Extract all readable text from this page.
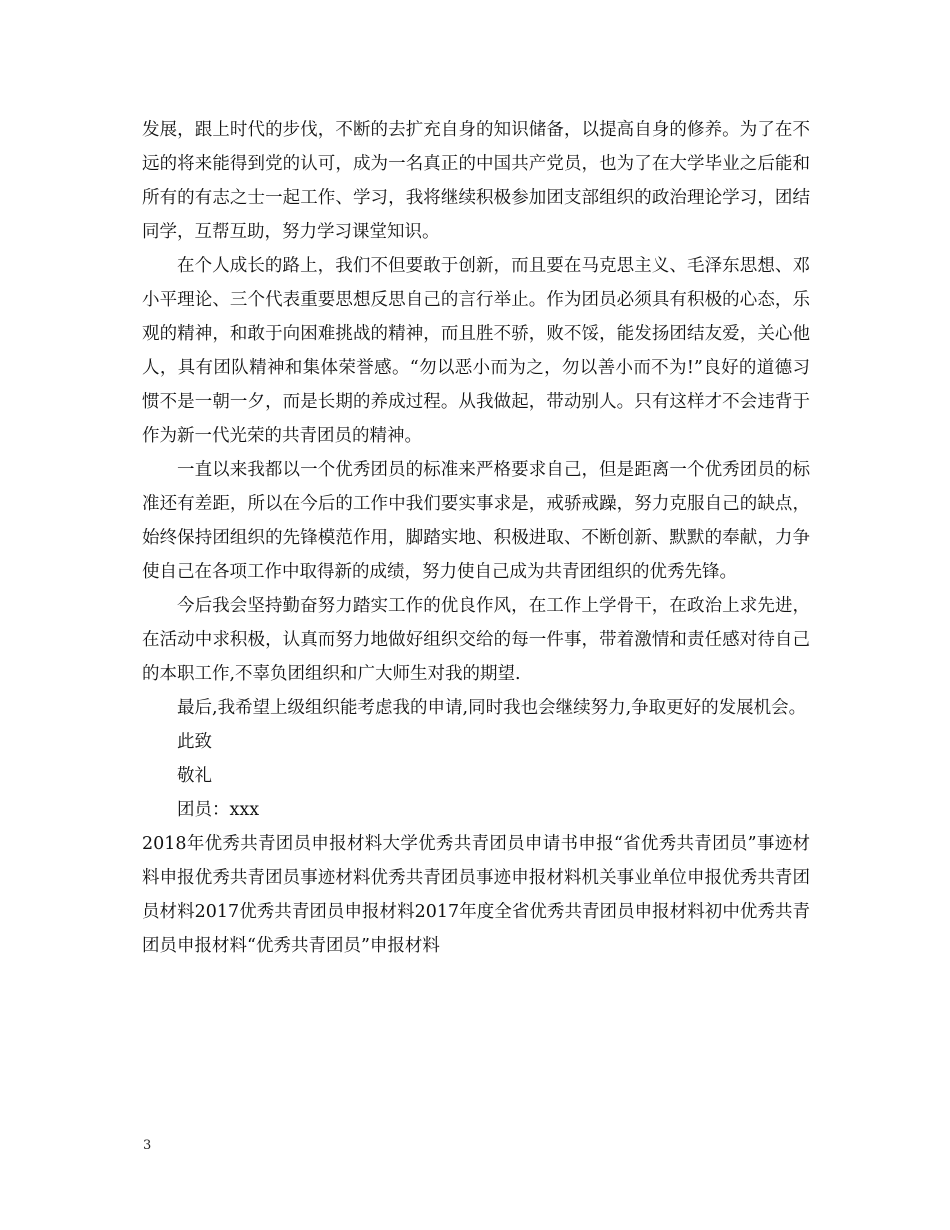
发展，跟上时代的步伐，不断的去扩充自身的知识储备，以提高自身的修养。为了在不远的将来能得到党的认可，成为一名真正的中国共产党员，也为了在大学毕业之后能和所有的有志之士一起工作、学习，我将继续积极参加团支部组织的政治理论学习，团结同学，互帮互助，努力学习课堂知识。

在个人成长的路上，我们不但要敢于创新，而且要在马克思主义、毛泽东思想、邓小平理论、三个代表重要思想反思自己的言行举止。作为团员必须具有积极的心态，乐观的精神，和敢于向困难挑战的精神，而且胜不骄，败不馁，能发扬团结友爱，关心他人，具有团队精神和集体荣誉感。“勿以恶小而为之，勿以善小而不为!”良好的道德习惯不是一朝一夕，而是长期的养成过程。从我做起，带动别人。只有这样才不会违背于作为新一代光荣的共青团员的精神。

一直以来我都以一个优秀团员的标准来严格要求自己，但是距离一个优秀团员的标准还有差距，所以在今后的工作中我们要实事求是，戒骄戒躁，努力克服自己的缺点，始终保持团组织的先锋模范作用，脚踏实地、积极进取、不断创新、默默的奉献，力争使自己在各项工作中取得新的成绩，努力使自己成为共青团组织的优秀先锋。

今后我会坚持勤奋努力踏实工作的优良作风，在工作上学骨干，在政治上求先进，在活动中求积极，认真而努力地做好组织交给的每一件事，带着激情和责任感对待自己的本职工作,不辜负团组织和广大师生对我的期望.

最后,我希望上级组织能考虑我的申请,同时我也会继续努力,争取更好的发展机会。

此致

敬礼

团员：xxx

2018年优秀共青团员申报材料大学优秀共青团员申请书申报“省优秀共青团员”事迹材料申报优秀共青团员事迹材料优秀共青团员事迹申报材料机关事业单位申报优秀共青团员材料2017优秀共青团员申报材料2017年度全省优秀共青团员申报材料初中优秀共青团员申报材料“优秀共青团员”申报材料

3
